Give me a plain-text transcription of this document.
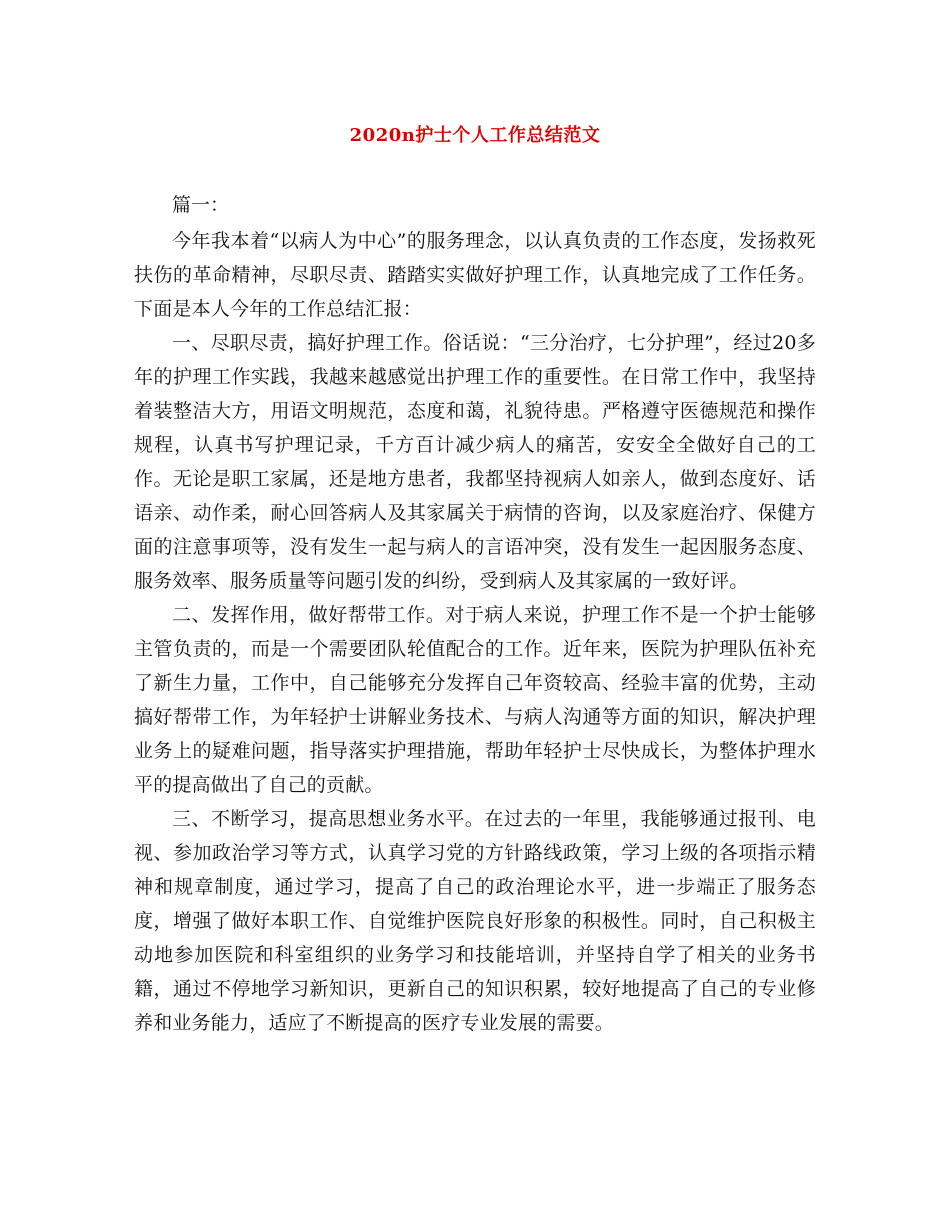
2020n护士个人工作总结范文

篇一：

今年我本着“以病人为中心”的服务理念，以认真负责的工作态度，发扬救死扶伤的革命精神，尽职尽责、踏踏实实做好护理工作，认真地完成了工作任务。下面是本人今年的工作总结汇报：

一、尽职尽责，搞好护理工作。俗话说：“三分治疗，七分护理”，经过20多年的护理工作实践，我越来越感觉出护理工作的重要性。在日常工作中，我坚持着装整洁大方，用语文明规范，态度和蔼，礼貌待患。严格遵守医德规范和操作规程，认真书写护理记录，千方百计减少病人的痛苦，安安全全做好自己的工作。无论是职工家属，还是地方患者，我都坚持视病人如亲人，做到态度好、话语亲、动作柔，耐心回答病人及其家属关于病情的咨询，以及家庭治疗、保健方面的注意事项等，没有发生一起与病人的言语冲突，没有发生一起因服务态度、服务效率、服务质量等问题引发的纠纷，受到病人及其家属的一致好评。

二、发挥作用，做好帮带工作。对于病人来说，护理工作不是一个护士能够主管负责的，而是一个需要团队轮值配合的工作。近年来，医院为护理队伍补充了新生力量，工作中，自己能够充分发挥自己年资较高、经验丰富的优势，主动搞好帮带工作，为年轻护士讲解业务技术、与病人沟通等方面的知识，解决护理业务上的疑难问题，指导落实护理措施，帮助年轻护士尽快成长，为整体护理水平的提高做出了自己的贡献。

三、不断学习，提高思想业务水平。在过去的一年里，我能够通过报刊、电视、参加政治学习等方式，认真学习党的方针路线政策，学习上级的各项指示精神和规章制度，通过学习，提高了自己的政治理论水平，进一步端正了服务态度，增强了做好本职工作、自觉维护医院良好形象的积极性。同时，自己积极主动地参加医院和科室组织的业务学习和技能培训，并坚持自学了相关的业务书籍，通过不停地学习新知识，更新自己的知识积累，较好地提高了自己的专业修养和业务能力，适应了不断提高的医疗专业发展的需要。
